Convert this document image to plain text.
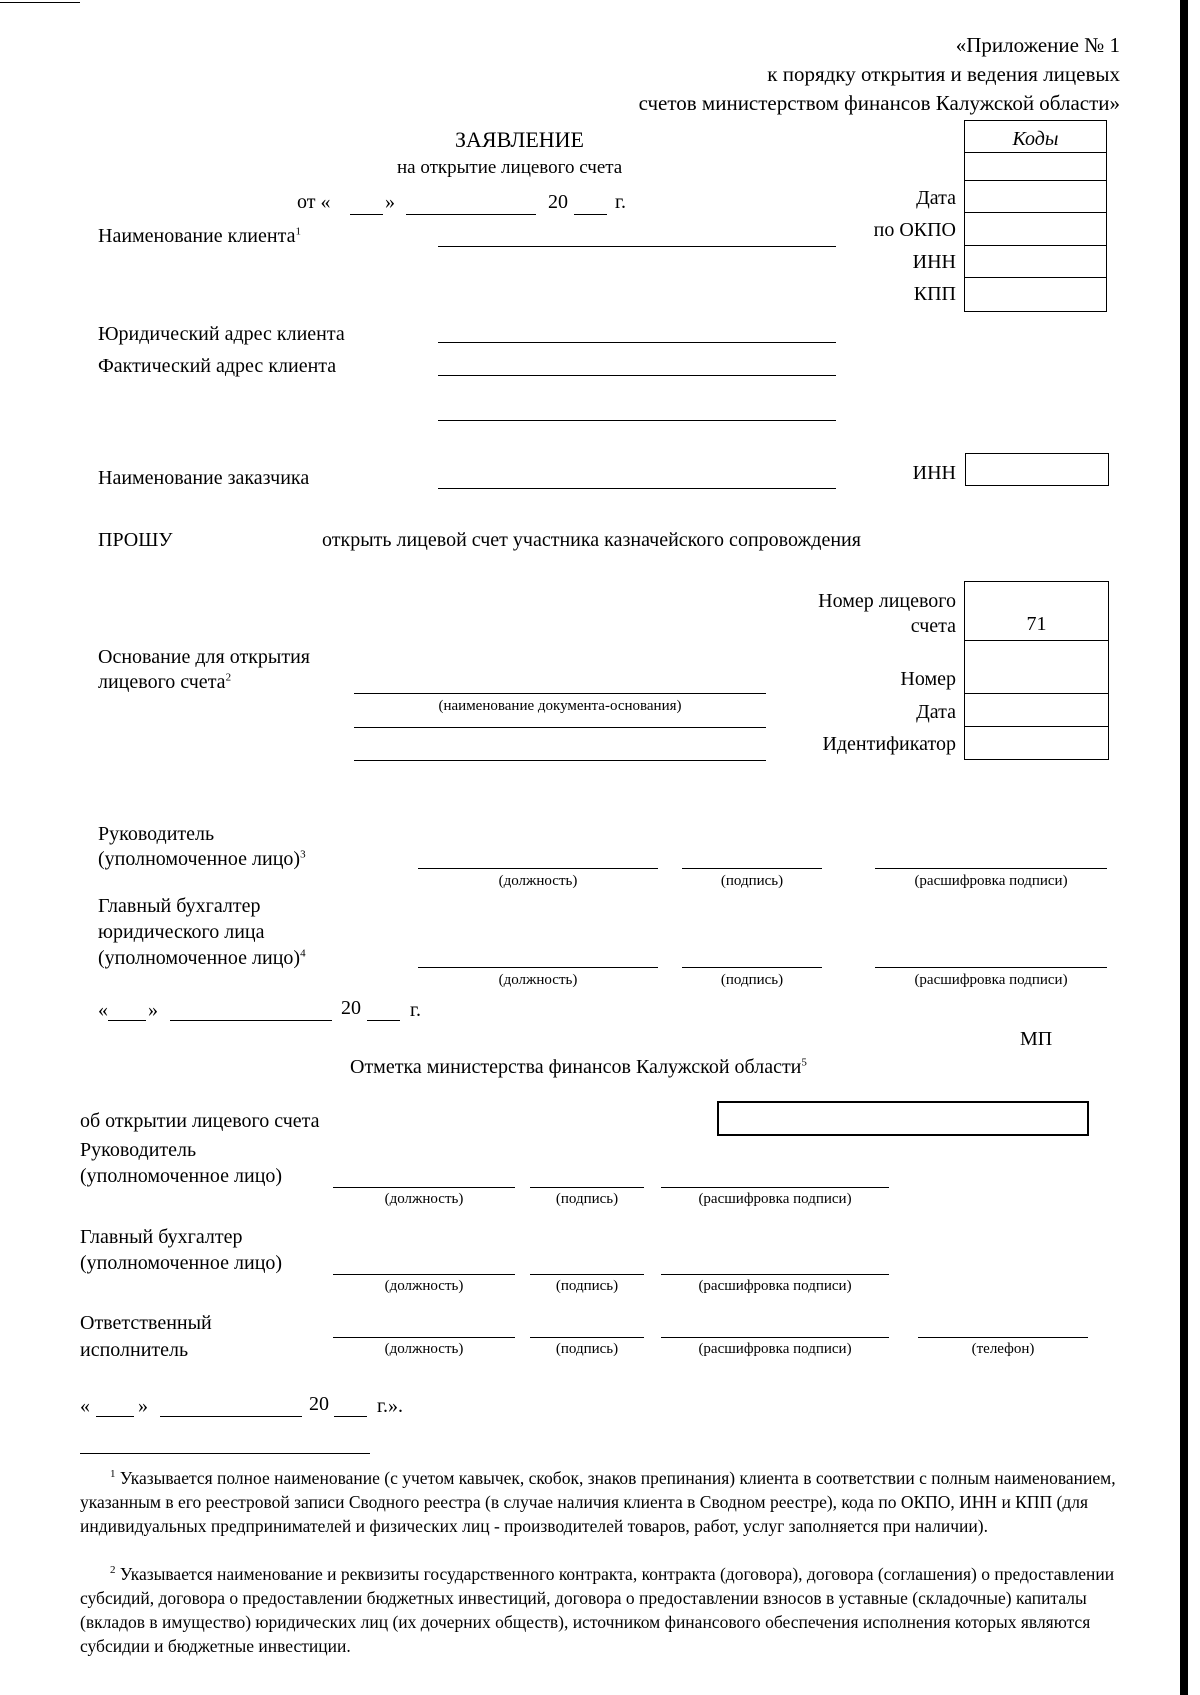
«Приложение № 1
к порядку открытия и ведения лицевых
счетов министерством финансов Калужской области»
ЗАЯВЛЕНИЕ
на открытие лицевого счета
от «	»	20 г.
Коды
Дата
по ОКПО
ИНН
КПП
Наименование клиента$^1$
Юридический адрес клиента
Фактический адрес клиента
Наименование заказчика	ИНН
ПРОШУ	открыть лицевой счет участника казначейского сопровождения
Номер лицевого
счета	71
Номер
Дата
Идентификатор
Основание для открытия
лицевого счета$^2$
(наименование документа-основания)
Руководитель
(уполномоченное лицо)$^3$
(должность)	(подпись)	(расшифровка подписи)
Главный бухгалтер
юридического лица
(уполномоченное лицо)$^4$
(должность)	(подпись)	(расшифровка подписи)
« »	20 г.
МП
Отметка министерства финансов Калужской области$^5$
об открытии лицевого счета
Руководитель
(уполномоченное лицо)
(должность)	(подпись)	(расшифровка подписи)
Главный бухгалтер
(уполномоченное лицо)
(должность)	(подпись)	(расшифровка подписи)
Ответственный
исполнитель	(должность)	(подпись)	(расшифровка подписи)	(телефон)
« »	20 г.».
$^1$ Указывается полное наименование (с учетом кавычек, скобок, знаков препинания) клиента в соответствии с полным наименованием, указанным в его реестровой записи Сводного реестра (в случае наличия клиента в Сводном реестре), кода по ОКПО, ИНН и КПП (для индивидуальных предпринимателей и физических лиц - производителей товаров, работ, услуг заполняется при наличии).
$^2$ Указывается наименование и реквизиты государственного контракта, контракта (договора), договора (соглашения) о предоставлении субсидий, договора о предоставлении бюджетных инвестиций, договора о предоставлении взносов в уставные (складочные) капиталы (вкладов в имущество) юридических лиц (их дочерних обществ), источником финансового обеспечения исполнения которых являются субсидии и бюджетные инвестиции.
